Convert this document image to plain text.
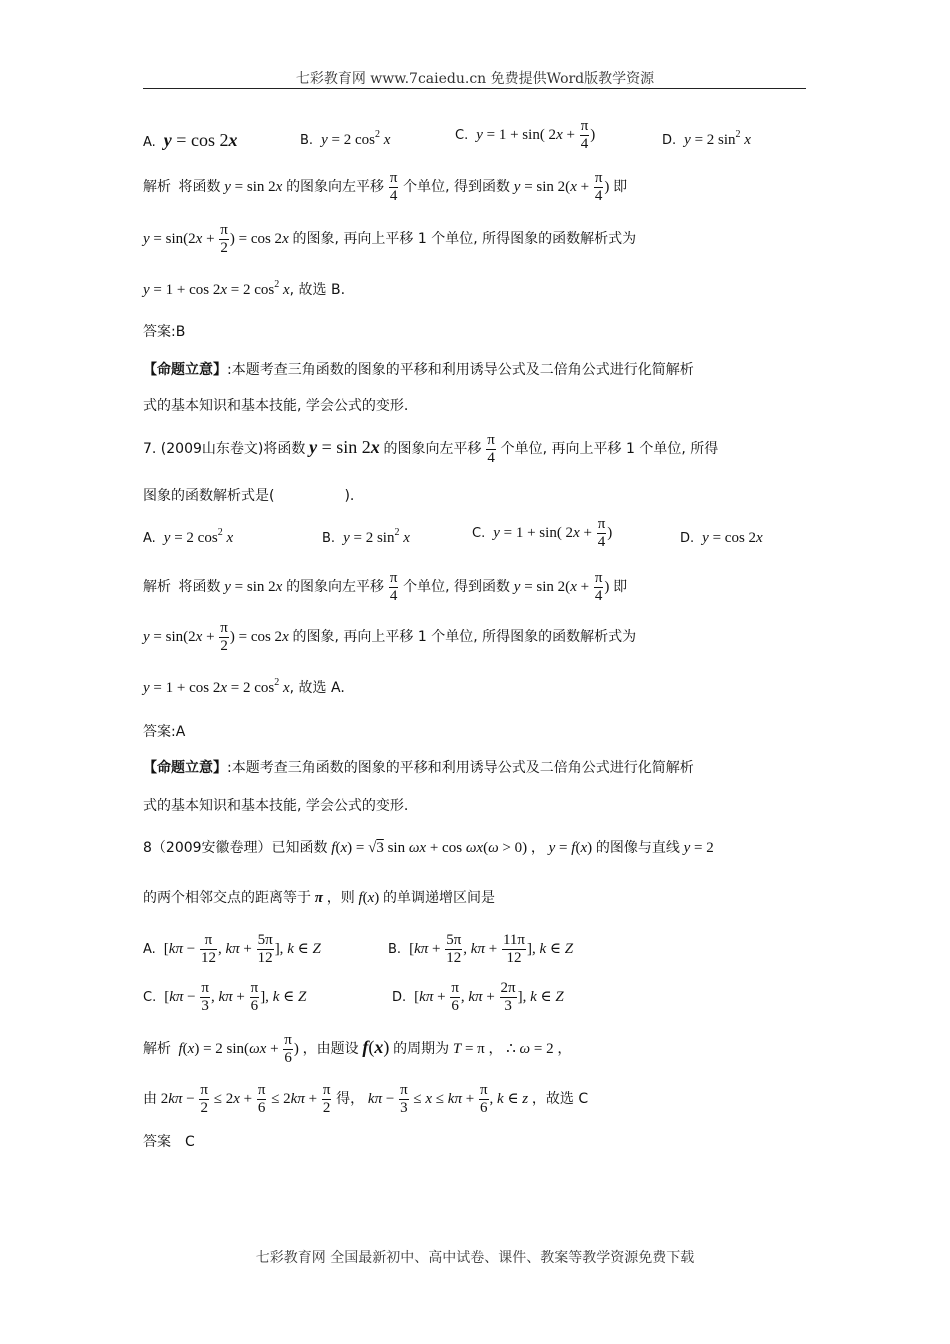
七彩教育网 www.7caiedu.cn 免费提供Word版教学资源
A. y = cos 2x	B. y = 2 $\cos^2 x$	C. y = 1 + sin( $2x + \frac{\pi}{4}$ )	D. y = 2 $\sin^2 x$
解析 将函数 y = sin 2x 的图象向左平移 $\frac{\pi}{4}$ 个单位, 得到函数 $y = \sin 2(x + \frac{\pi}{4}$ ) 即
$y = \sin(2x + \frac{\pi}{2}$ ) = cos 2x 的图象, 再向上平移 1 个单位, 所得图象的函数解析式为
y = 1 + cos 2x = 2 $\cos^2 x$, 故选 B.
答案:B
【命题立意】:本题考查三角函数的图象的平移和利用诱导公式及二倍角公式进行化简解析
式的基本知识和基本技能, 学会公式的变形.
7. (2009山东卷文)将函数 y = sin 2x 的图象向左平移 $\frac{\pi}{4}$ 个单位, 再向上平移 1 个单位, 所得
图象的函数解析式是(　　　　　).
A. y = 2 $\cos^2 x$	B. y = 2 $\sin^2 x$	C. y = 1 + sin( $2x + \frac{\pi}{4}$ )	D. y = cos 2x
解析 将函数 y = sin 2x 的图象向左平移 $\frac{\pi}{4}$ 个单位, 得到函数 $y = \sin 2(x + \frac{\pi}{4}$ ) 即
$y = \sin(2x + \frac{\pi}{2}$ ) = cos 2x 的图象, 再向上平移 1 个单位, 所得图象的函数解析式为
y = 1 + cos 2x = 2 $\cos^2 x$, 故选 A.
答案:A
【命题立意】:本题考查三角函数的图象的平移和利用诱导公式及二倍角公式进行化简解析
式的基本知识和基本技能, 学会公式的变形.
8（2009安徽卷理）已知函数 f(x) = √3 sin ωx + cos ωx(ω > 0) ， y = f(x) 的图像与直线 y = 2
的两个相邻交点的距离等于 π ，则 f(x) 的单调递增区间是
A. [$k\pi - \frac{\pi}{12}$ , $k\pi + \frac{5\pi}{12}$ ], k ∈ Z	B. [$k\pi + \frac{5\pi}{12}$ , $k\pi + \frac{11\pi}{12}$ ], k ∈ Z
C. [$k\pi - \frac{\pi}{3}$ , $k\pi + \frac{\pi}{6}$ ], k ∈ Z	D. [$k\pi + \frac{\pi}{6}$ , $k\pi + \frac{2\pi}{3}$ ], k ∈ Z
解析 f(x) = 2 $\sin(\omega x + \frac{\pi}{6}$ ) ，由题设 f(x) 的周期为 T = π ， ∴ ω = 2 ，
由 $2k\pi - \frac{\pi}{2} \le 2x + \frac{\pi}{6} \le 2k\pi + \frac{\pi}{2}$ 得， $k\pi - \frac{\pi}{3} \le x \le k\pi + \frac{\pi}{6}$ , k ∈ z ，故选 C
答案　C
七彩教育网 全国最新初中、高中试卷、课件、教案等教学资源免费下载
